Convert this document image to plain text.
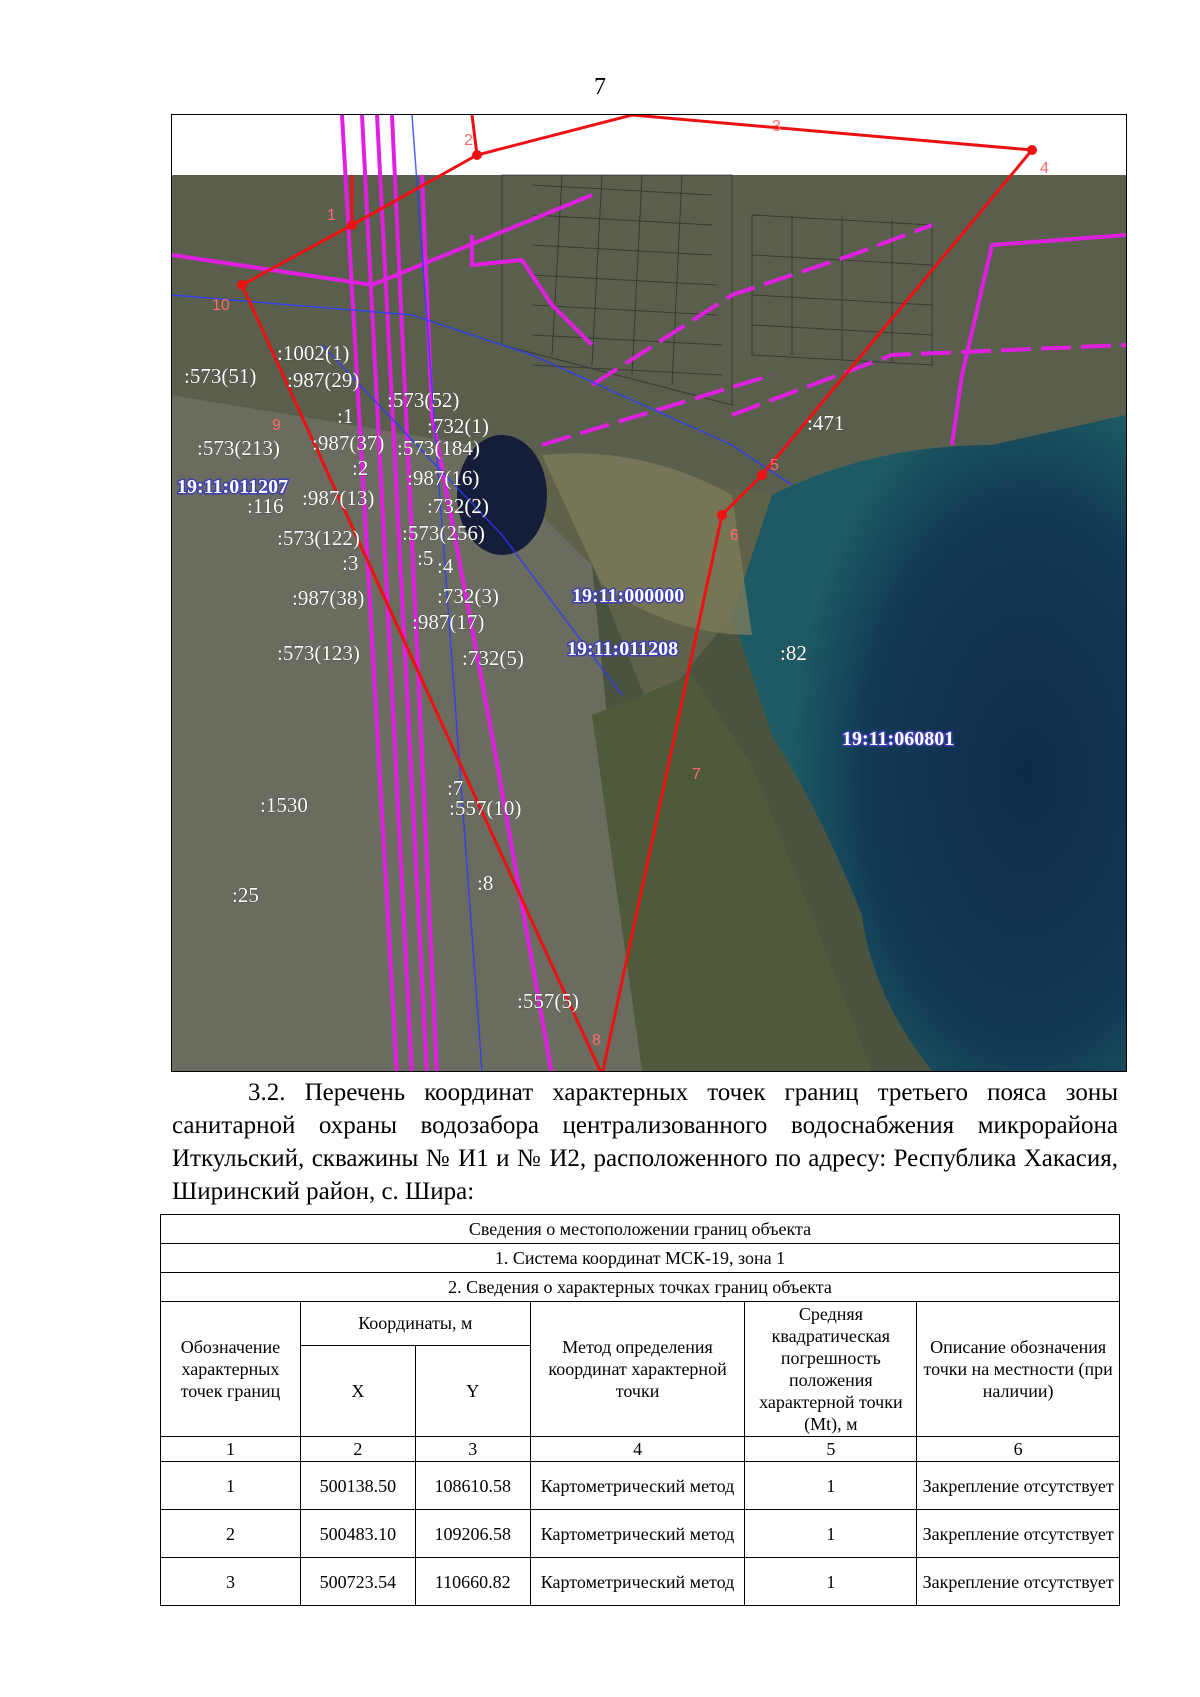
7
1
2
3
4
5
6
7
8
9
10
:1002(1)
:573(51) :987(29)
:573(52)
:1	:732(1)
:573(213) :987(37) :573(184)
:2 :987(16)
:116 :987(13)	:732(2)
:573(122) :573(256)
:3	:5 :4
:987(38)	:732(3)
:987(17)
:573(123)	:732(5)	:82
:7
:1530	:557(10)
:8
:25
:557(5)
:471
19:11:011207
19:11:000000
19:11:011208
19:11:060801
3.2. Перечень координат характерных точек границ третьего пояса зоны санитарной охраны водозабора централизованного водоснабжения микрорайона Иткульский, скважины № И1 и № И2, расположенного по адресу: Республика Хакасия, Ширинский район, с. Шира:
Сведения о местоположении границ объекта					
1. Система координат МСК-19, зона 1					
2. Сведения о характерных точках границ объекта					
Обозначение характерных точек границ	Координаты, м		Метод определения координат характерной точки	Средняя квадратическая погрешность положения характерной точки (Mt), м	Описание обозначения точки на местности (при наличии)
	X	Y			
1	2	3	4	5	6
1	500138.50	108610.58	Картометрический метод	1	Закрепление отсутствует
2	500483.10	109206.58	Картометрический метод	1	Закрепление отсутствует
3	500723.54	110660.82	Картометрический метод	1	Закрепление отсутствует
